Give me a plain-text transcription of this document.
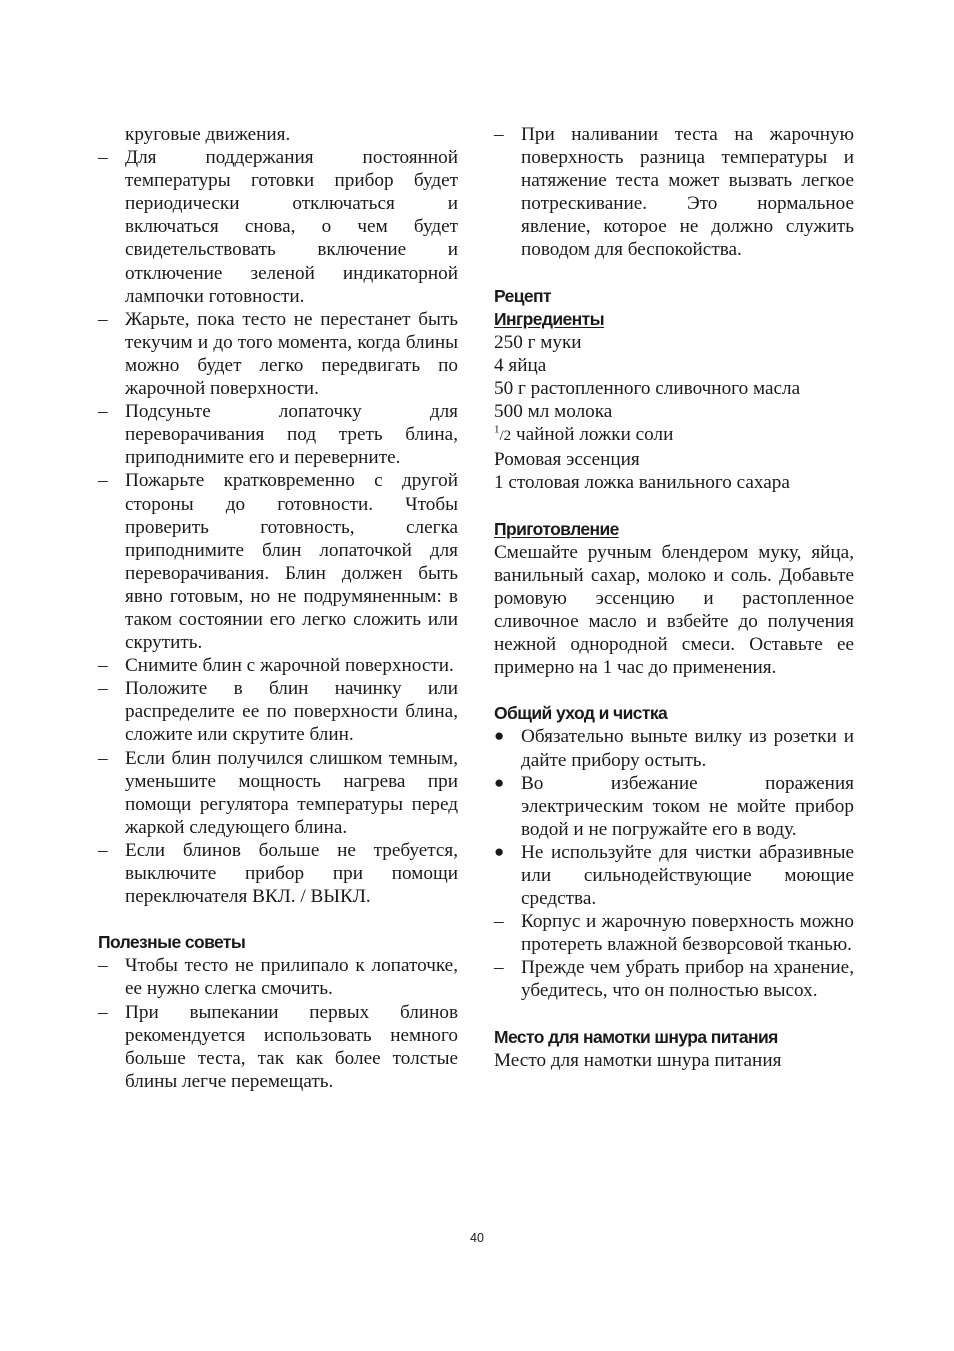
круговые движения.
–
Для поддержания постоянной температуры готовки прибор будет периодически отключаться и включаться снова, о чем будет свидетельствовать включение и отключение зеленой индикаторной лампочки готовности.
–
Жарьте, пока тесто не перестанет быть текучим и до того момента, когда блины можно будет легко передвигать по жарочной поверхности.
–
Подсуньте лопаточку для переворачивания под треть блина, приподнимите его и переверните.
–
Пожарьте кратковременно с другой стороны до готовности. Чтобы проверить готовность, слегка приподнимите блин лопаточкой для переворачивания. Блин должен быть явно готовым, но не подрумяненным: в таком состоянии его легко сложить или скрутить.
–
Снимите блин с жарочной поверхности.
–
Положите в блин начинку или распределите ее по поверхности блина, сложите или скрутите блин.
–
Если блин получился слишком темным, уменьшите мощность нагрева при помощи регулятора температуры перед жаркой следующего блина.
–
Если блинов больше не требуется, выключите прибор при помощи переключателя ВКЛ. / ВЫКЛ.
Полезные советы
–
Чтобы тесто не прилипало к лопаточке, ее нужно слегка смочить.
–
При выпекании первых блинов рекомендуется использовать немного больше теста, так как более толстые блины легче перемещать.
–
При наливании теста на жарочную поверхность разница температуры и натяжение теста может вызвать легкое потрескивание. Это нормальное явление, которое не должно служить поводом для беспокойства.
Рецепт
Ингредиенты
250 г муки
4 яйца
50 г растопленного сливочного масла
500 мл молока
$^1$/2 чайной ложки соли
Ромовая эссенция
1 столовая ложка ванильного сахара
Приготовление
Смешайте ручным блендером муку, яйца, ванильный сахар, молоко и соль. Добавьте ромовую эссенцию и растопленное сливочное масло и взбейте до получения нежной однородной смеси. Оставьте ее примерно на 1 час до применения.
Общий уход и чистка
●
Обязательно выньте вилку из розетки и дайте прибору остыть.
●
Во избежание поражения электрическим током не мойте прибор водой и не погружайте его в воду.
●
Не используйте для чистки абразивные или сильнодействующие моющие средства.
–
Корпус и жарочную поверхность можно протереть влажной безворсовой тканью.
–
Прежде чем убрать прибор на хранение, убедитесь, что он полностью высох.
Место для намотки шнура питания
Место для намотки шнура питания
40
